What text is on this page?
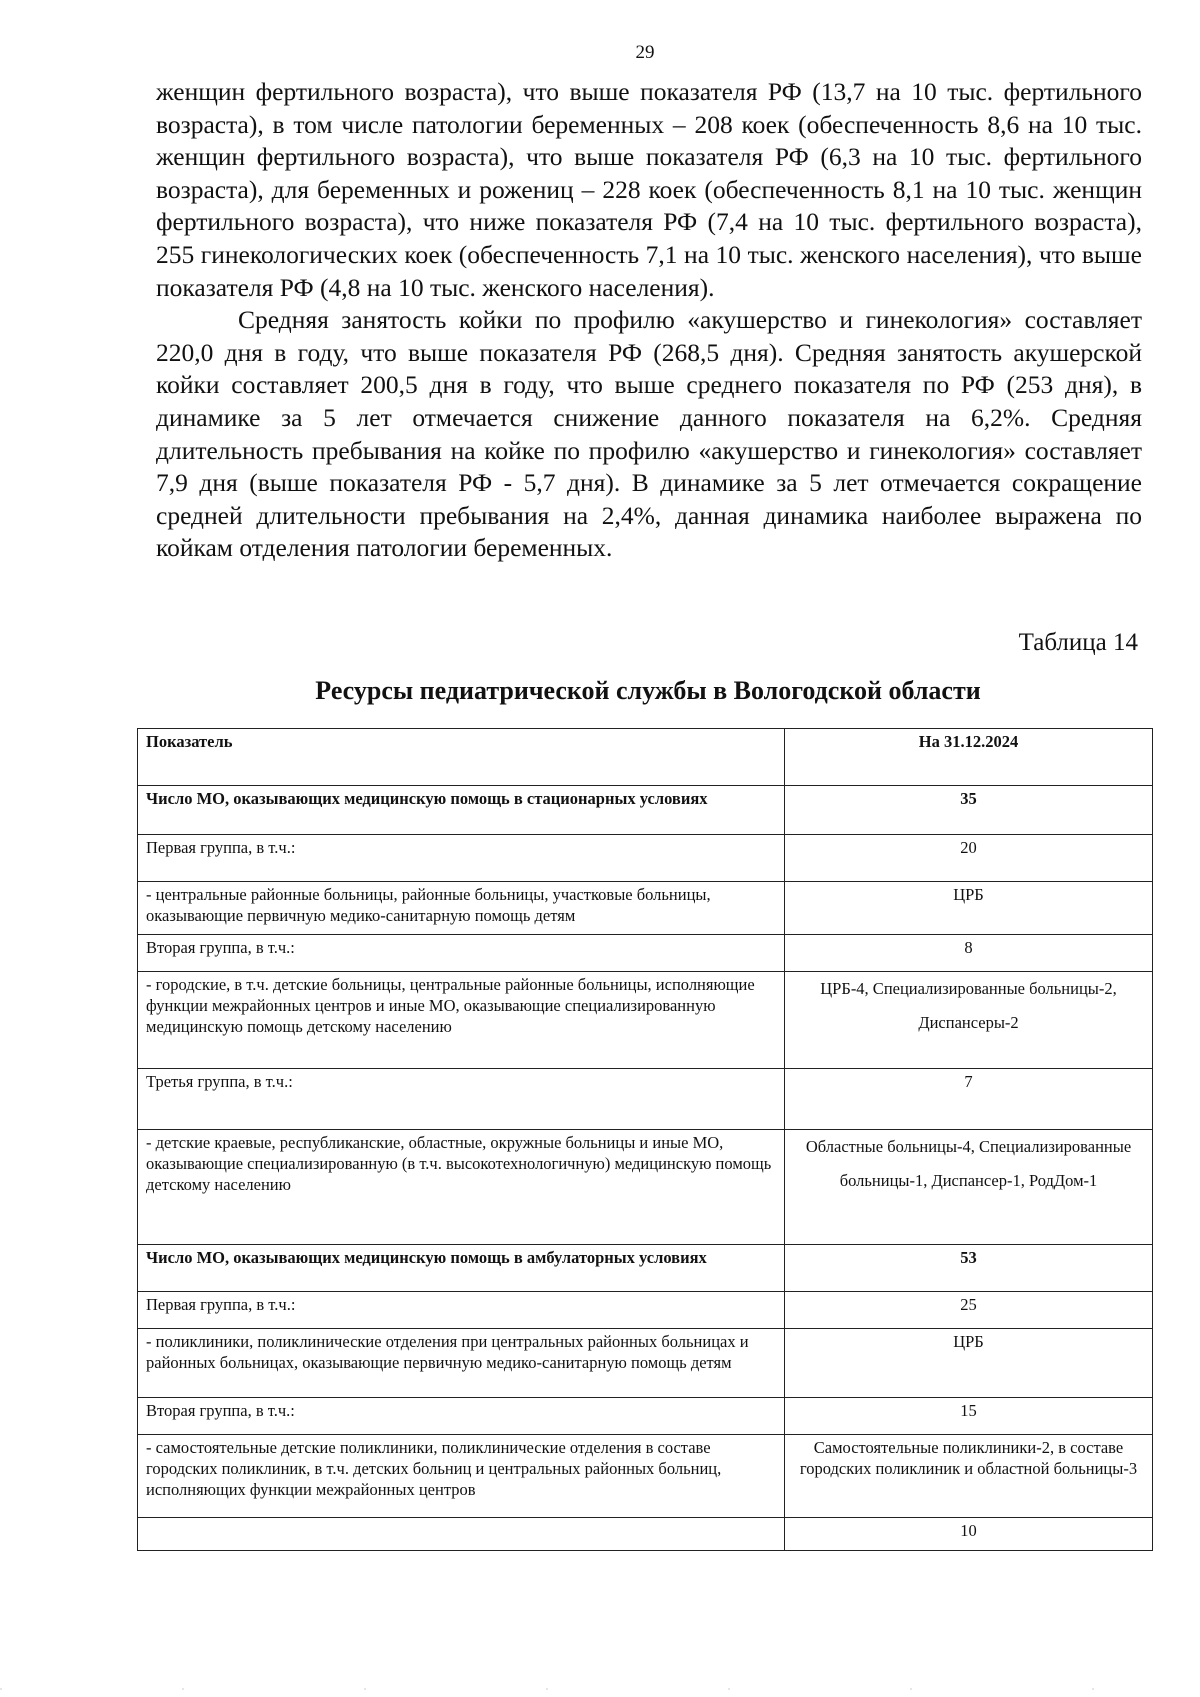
29

женщин фертильного возраста), что выше показателя РФ (13,7 на 10 тыс. фертильного возраста), в том числе патологии беременных – 208 коек (обеспеченность 8,6 на 10 тыс. женщин фертильного возраста), что выше показателя РФ (6,3 на 10 тыс. фертильного возраста), для беременных и рожениц – 228 коек (обеспеченность 8,1 на 10 тыс. женщин фертильного возраста), что ниже показателя РФ (7,4 на 10 тыс. фертильного возраста), 255 гинекологических коек (обеспеченность 7,1 на 10 тыс. женского населения), что выше показателя РФ (4,8 на 10 тыс. женского населения).

Средняя занятость койки по профилю «акушерство и гинекология» составляет 220,0 дня в году, что выше показателя РФ (268,5 дня). Средняя занятость акушерской койки составляет 200,5 дня в году, что выше среднего показателя по РФ (253 дня), в динамике за 5 лет отмечается снижение данного показателя на 6,2%. Средняя длительность пребывания на койке по профилю «акушерство и гинекология» составляет 7,9 дня (выше показателя РФ - 5,7 дня). В динамике за 5 лет отмечается сокращение средней длительности пребывания на 2,4%, данная динамика наиболее выражена по койкам отделения патологии беременных.

Таблица 14
Ресурсы педиатрической службы в Вологодской области
Показатель	На 31.12.2024
Число МО, оказывающих медицинскую помощь в стационарных условиях	35
Первая группа, в т.ч.:	20
- центральные районные больницы, районные больницы, участковые больницы, оказывающие первичную медико-санитарную помощь детям	ЦРБ
Вторая группа, в т.ч.:	8
- городские, в т.ч. детские больницы, центральные районные больницы, исполняющие функции межрайонных центров и иные МО, оказывающие специализированную медицинскую помощь детскому населению	ЦРБ-4, Специализированные больницы-2, Диспансеры-2
Третья группа, в т.ч.:	7
- детские краевые, республиканские, областные, окружные больницы и иные МО, оказывающие специализированную (в т.ч. высокотехнологичную) медицинскую помощь детскому населению	Областные больницы-4, Специализированные больницы-1, Диспансер-1, РодДом-1
Число МО, оказывающих медицинскую помощь в амбулаторных условиях	53
Первая группа, в т.ч.:	25
- поликлиники, поликлинические отделения при центральных районных больницах и районных больницах, оказывающие первичную медико-санитарную помощь детям	ЦРБ
Вторая группа, в т.ч.:	15
- самостоятельные детские поликлиники, поликлинические отделения в составе городских поликлиник, в т.ч. детских больниц и центральных районных больниц, исполняющих функции межрайонных центров	Самостоятельные поликлиники-2, в составе городских поликлиник и областной больницы-3
	10
